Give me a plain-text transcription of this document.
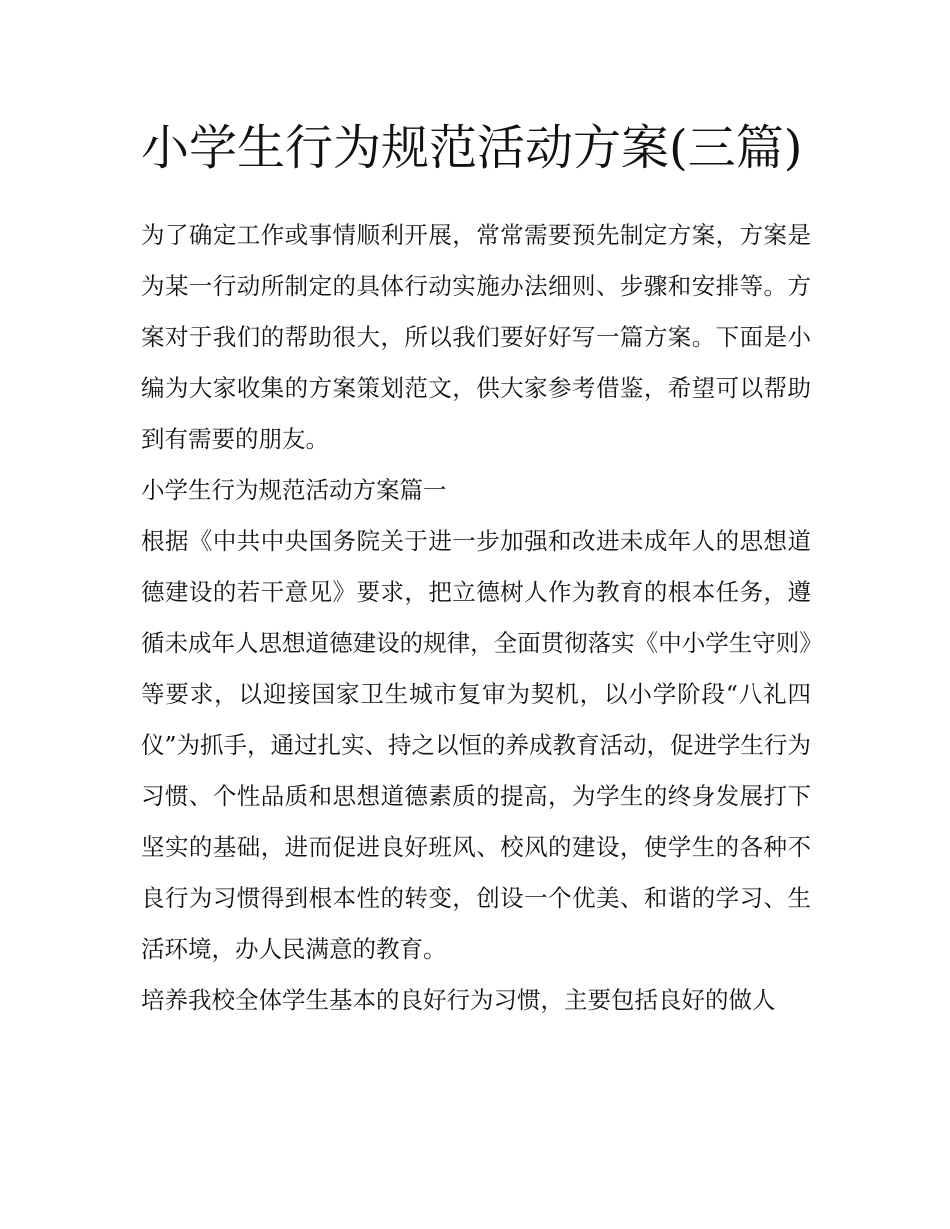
小学生行为规范活动方案(三篇)

为了确定工作或事情顺利开展，常常需要预先制定方案，方案是为某一行动所制定的具体行动实施办法细则、步骤和安排等。方案对于我们的帮助很大，所以我们要好好写一篇方案。下面是小编为大家收集的方案策划范文，供大家参考借鉴，希望可以帮助到有需要的朋友。

小学生行为规范活动方案篇一

根据《中共中央国务院关于进一步加强和改进未成年人的思想道德建设的若干意见》要求，把立德树人作为教育的根本任务，遵循未成年人思想道德建设的规律，全面贯彻落实《中小学生守则》等要求，以迎接国家卫生城市复审为契机，以小学阶段“八礼四仪”为抓手，通过扎实、持之以恒的养成教育活动，促进学生行为习惯、个性品质和思想道德素质的提高，为学生的终身发展打下坚实的基础，进而促进良好班风、校风的建设，使学生的各种不良行为习惯得到根本性的转变，创设一个优美、和谐的学习、生活环境，办人民满意的教育。

培养我校全体学生基本的良好行为习惯，主要包括良好的做人
